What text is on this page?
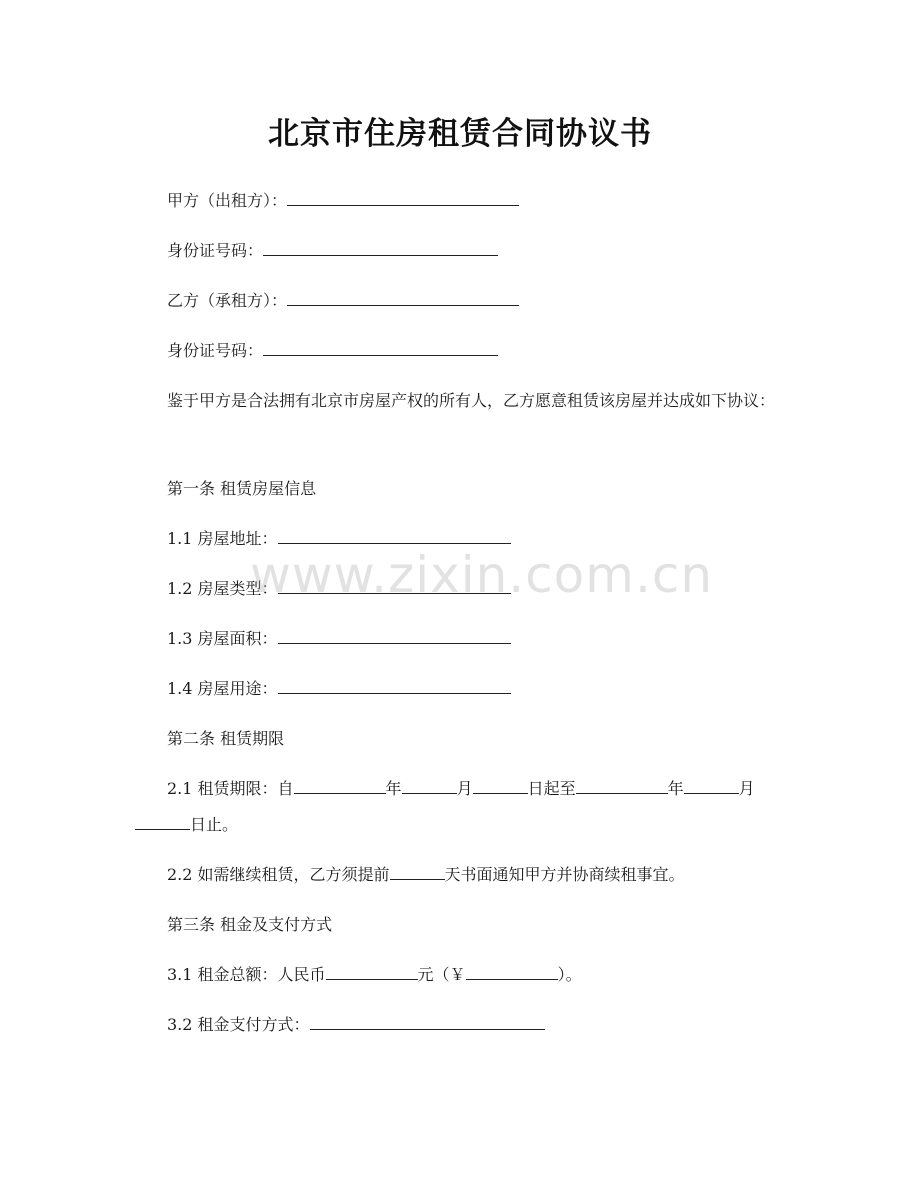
北京市住房租赁合同协议书
甲方（出租方）：
身份证号码：
乙方（承租方）：
身份证号码：
鉴于甲方是合法拥有北京市房屋产权的所有人，乙方愿意租赁该房屋并达成如下协议：
第一条 租赁房屋信息
1.1 房屋地址：
1.2 房屋类型：
1.3 房屋面积：
1.4 房屋用途：
第二条 租赁期限
2.1 租赁期限：自	年	月	日起至	年	月
日止。
2.2 如需继续租赁，乙方须提前	天书面通知甲方并协商续租事宜。
第三条 租金及支付方式
3.1 租金总额：人民币	元（￥	）。
3.2 租金支付方式：
www.zixin.com.cn
